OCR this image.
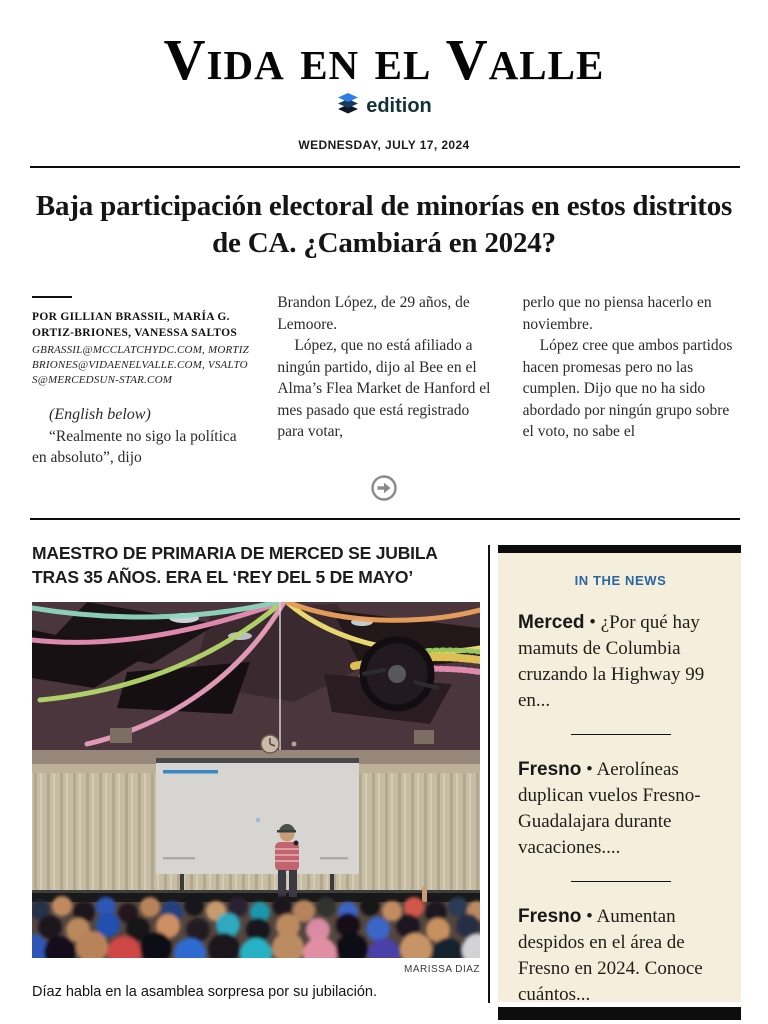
Vida en el Valle
edition
WEDNESDAY, JULY 17, 2024
Baja participación electoral de minorías en estos distritos de CA. ¿Cambiará en 2024?
POR GILLIAN BRASSIL, MARÍA G. ORTIZ-BRIONES, VANESSA SALTOS
GBRASSIL@MCCLATCHYDC.COM, MORTIZBRIONES@VIDAENELVALLE.COM, VSALTOS@MERCEDSUN-STAR.COM

(English below)

“Realmente no sigo la política en absoluto”, dijo

Brandon López, de 29 años, de Lemoore.

López, que no está afiliado a ningún partido, dijo al Bee en el Alma’s Flea Market de Hanford el mes pasado que está registrado para votar,

perlo que no piensa hacerlo en noviembre.

López cree que ambos partidos hacen promesas pero no las cumplen. Dijo que no ha sido abordado por ningún grupo sobre el voto, no sabe el

MAESTRO DE PRIMARIA DE MERCED SE JUBILA TRAS 35 AÑOS. ERA EL ‘REY DEL 5 DE MAYO’
MARISSA DIAZ
Díaz habla en la asamblea sorpresa por su jubilación.

IN THE NEWS

Merced • ¿Por qué hay mamuts de Columbia cruzando la Highway 99 en...

Fresno • Aerolíneas duplican vuelos Fresno-Guadalajara durante vacaciones....

Fresno • Aumentan despidos en el área de Fresno en 2024. Conoce cuántos...
